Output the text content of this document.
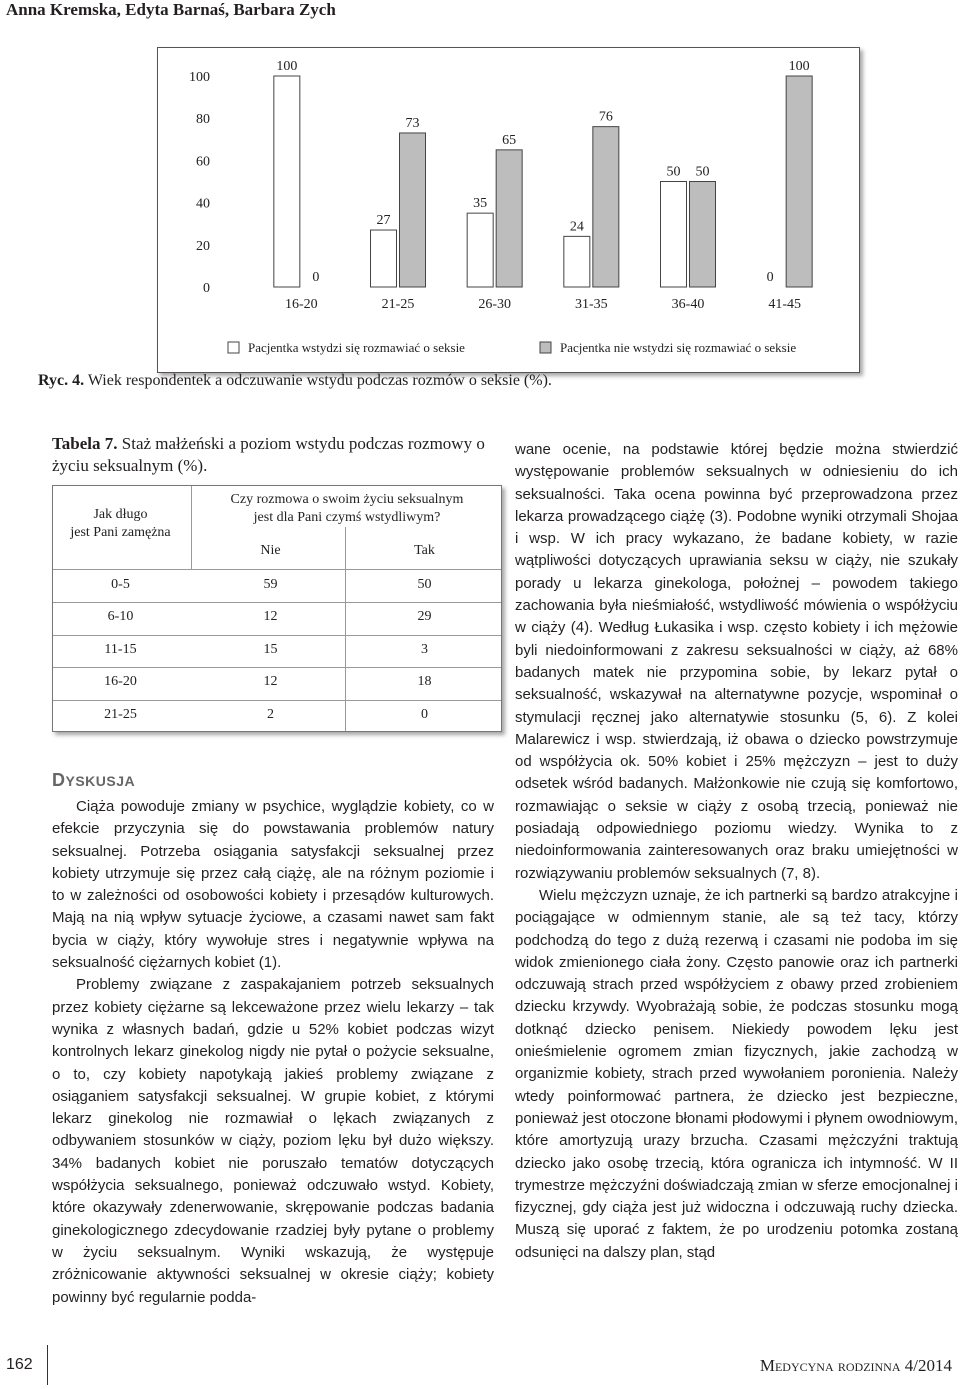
Anna Kremska, Edyta Barnaś, Barbara Zych
0
20
40
60
80
100
16-20
100
0
21-25
27
73
26-30
35
65
31-35
24
76
36-40
50 50
41-45
0
100
Pacjentka wstydzi się rozmawiać o seksie	Pacjentka nie wstydzi się rozmawiać o seksie
Ryc. 4. Wiek respondentek a odczuwanie wstydu podczas rozmów o seksie (%).
Tabela 7. Staż małżeński a poziom wstydu podczas rozmowy o życiu seksualnym (%).
Jak długo
jest Pani zamężna
Czy rozmowa o swoim życiu seksualnym
jest dla Pani czymś wstydliwym?
Nie	Tak
0-5	59	50
6-10	12	29
11-15	15	3
16-20	12	18
21-25	2	0
DYSKUSJA

Ciąża powoduje zmiany w psychice, wyglądzie kobiety, co w efekcie przyczynia się do powstawania problemów natury seksualnej. Potrzeba osiągania satysfakcji seksualnej przez kobiety utrzymuje się przez całą ciążę, ale na różnym poziomie i to w zależności od osobowości kobiety i przesądów kulturowych. Mają na nią wpływ sytuacje życiowe, a czasami nawet sam fakt bycia w ciąży, który wywołuje stres i negatywnie wpływa na seksualność ciężarnych kobiet (1).

Problemy związane z zaspakajaniem potrzeb seksualnych przez kobiety ciężarne są lekceważone przez wielu lekarzy – tak wynika z własnych badań, gdzie u 52% kobiet podczas wizyt kontrolnych lekarz ginekolog nigdy nie pytał o pożycie seksualne, o to, czy kobiety napotykają jakieś problemy związane z osiąganiem satysfakcji seksualnej. W grupie kobiet, z którymi lekarz ginekolog nie rozmawiał o lękach związanych z odbywaniem stosunków w ciąży, poziom lęku był dużo większy. 34% badanych kobiet nie poruszało tematów dotyczących współżycia seksualnego, ponieważ odczuwało wstyd. Kobiety, które okazywały zdenerwowanie, skrępowanie podczas badania ginekologicznego zdecydowanie rzadziej były pytane o problemy w życiu seksualnym. Wyniki wskazują, że występuje zróżnicowanie aktywności seksualnej w okresie ciąży; kobiety powinny być regularnie podda-

wane ocenie, na podstawie której będzie można stwierdzić występowanie problemów seksualnych w odniesieniu do ich seksualności. Taka ocena powinna być przeprowadzona przez lekarza prowadzącego ciążę (3). Podobne wyniki otrzymali Shojaa i wsp. W ich pracy wykazano, że badane kobiety, w razie wątpliwości dotyczących uprawiania seksu w ciąży, nie szukały porady u lekarza ginekologa, położnej – powodem takiego zachowania była nieśmiałość, wstydliwość mówienia o współżyciu w ciąży (4). Według Łukasika i wsp. często kobiety i ich mężowie byli niedoinformowani z zakresu seksualności w ciąży, aż 68% badanych matek nie przypomina sobie, by lekarz pytał o seksualność, wskazywał na alternatywne pozycje, wspominał o stymulacji ręcznej jako alternatywie stosunku (5, 6). Z kolei Malarewicz i wsp. stwierdzają, iż obawa o dziecko powstrzymuje od współżycia ok. 50% kobiet i 25% mężczyzn – jest to duży odsetek wśród badanych. Małżonkowie nie czują się komfortowo, rozmawiając o seksie w ciąży z osobą trzecią, ponieważ nie posiadają odpowiedniego poziomu wiedzy. Wynika to z niedoinformowania zainteresowanych oraz braku umiejętności w rozwiązywaniu problemów seksualnych (7, 8).

Wielu mężczyzn uznaje, że ich partnerki są bardzo atrakcyjne i pociągające w odmiennym stanie, ale są też tacy, którzy podchodzą do tego z dużą rezerwą i czasami nie podoba im się widok zmienionego ciała żony. Często panowie oraz ich partnerki odczuwają strach przed współżyciem z obawy przed zrobieniem dziecku krzywdy. Wyobrażają sobie, że podczas stosunku mogą dotknąć dziecko penisem. Niekiedy powodem lęku jest onieśmielenie ogromem zmian fizycznych, jakie zachodzą w organizmie kobiety, strach przed wywołaniem poronienia. Należy wtedy poinformować partnera, że dziecko jest bezpieczne, ponieważ jest otoczone błonami płodowymi i płynem owodniowym, które amortyzują urazy brzucha. Czasami mężczyźni traktują dziecko jako osobę trzecią, która ogranicza ich intymność. W II trymestrze mężczyźni doświadczają zmian w sferze emocjonalnej i fizycznej, gdy ciąża jest już widoczna i odczuwają ruchy dziecka. Muszą się uporać z faktem, że po urodzeniu potomka zostaną odsunięci na dalszy plan, stąd

162	Medycyna rodzinna 4/2014
